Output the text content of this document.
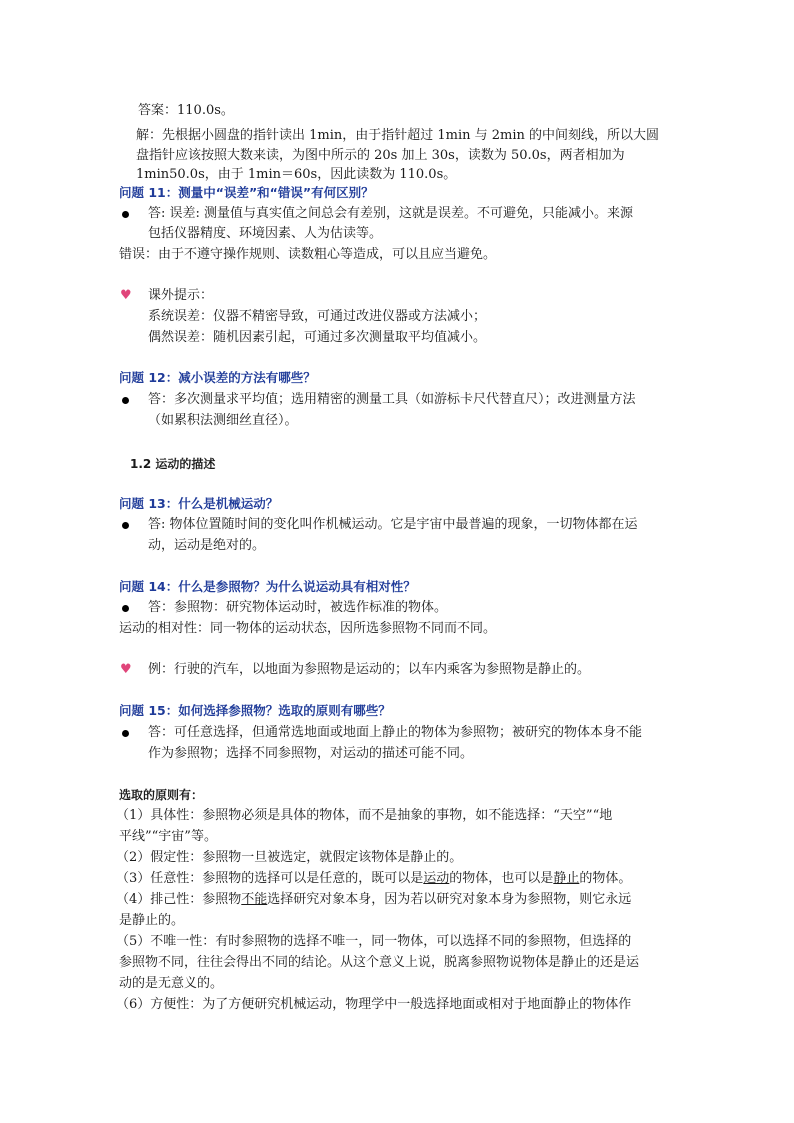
答案：110.0s。
解：先根据小圆盘的指针读出 1min，由于指针超过 1min 与 2min 的中间刻线，所以大圆
盘指针应该按照大数来读，为图中所示的 20s 加上 30s，读数为 50.0s，两者相加为
1min50.0s，由于 1min＝60s，因此读数为 110.0s。
问题 11：测量中“误差”和“错误”有何区别？
答: 误差: 测量值与真实值之间总会有差别，这就是误差。不可避免，只能减小。来源
包括仪器精度、环境因素、人为估读等。
错误：由于不遵守操作规则、读数粗心等造成，可以且应当避免。
♥ 课外提示：
系统误差：仪器不精密导致，可通过改进仪器或方法减小；
偶然误差：随机因素引起，可通过多次测量取平均值减小。
问题 12：减小误差的方法有哪些？
答：多次测量求平均值；选用精密的测量工具（如游标卡尺代替直尺）；改进测量方法
（如累积法测细丝直径）。
1.2 运动的描述
问题 13：什么是机械运动？
答: 物体位置随时间的变化叫作机械运动。它是宇宙中最普遍的现象，一切物体都在运
动，运动是绝对的。
问题 14：什么是参照物？为什么说运动具有相对性？
答：参照物：研究物体运动时，被选作标准的物体。
运动的相对性：同一物体的运动状态，因所选参照物不同而不同。
♥ 例：行驶的汽车，以地面为参照物是运动的；以车内乘客为参照物是静止的。
问题 15：如何选择参照物？选取的原则有哪些？
答：可任意选择，但通常选地面或地面上静止的物体为参照物；被研究的物体本身不能
作为参照物；选择不同参照物，对运动的描述可能不同。
选取的原则有：
（1）具体性：参照物必须是具体的物体，而不是抽象的事物，如不能选择：“天空”“地
平线”“宇宙”等。
（2）假定性：参照物一旦被选定，就假定该物体是静止的。
（3）任意性：参照物的选择可以是任意的，既可以是运动的物体，也可以是静止的物体。
（4）排己性：参照物不能选择研究对象本身，因为若以研究对象本身为参照物，则它永远
是静止的。
（5）不唯一性：有时参照物的选择不唯一，同一物体，可以选择不同的参照物，但选择的
参照物不同，往往会得出不同的结论。从这个意义上说，脱离参照物说物体是静止的还是运
动的是无意义的。
（6）方便性：为了方便研究机械运动，物理学中一般选择地面或相对于地面静止的物体作
